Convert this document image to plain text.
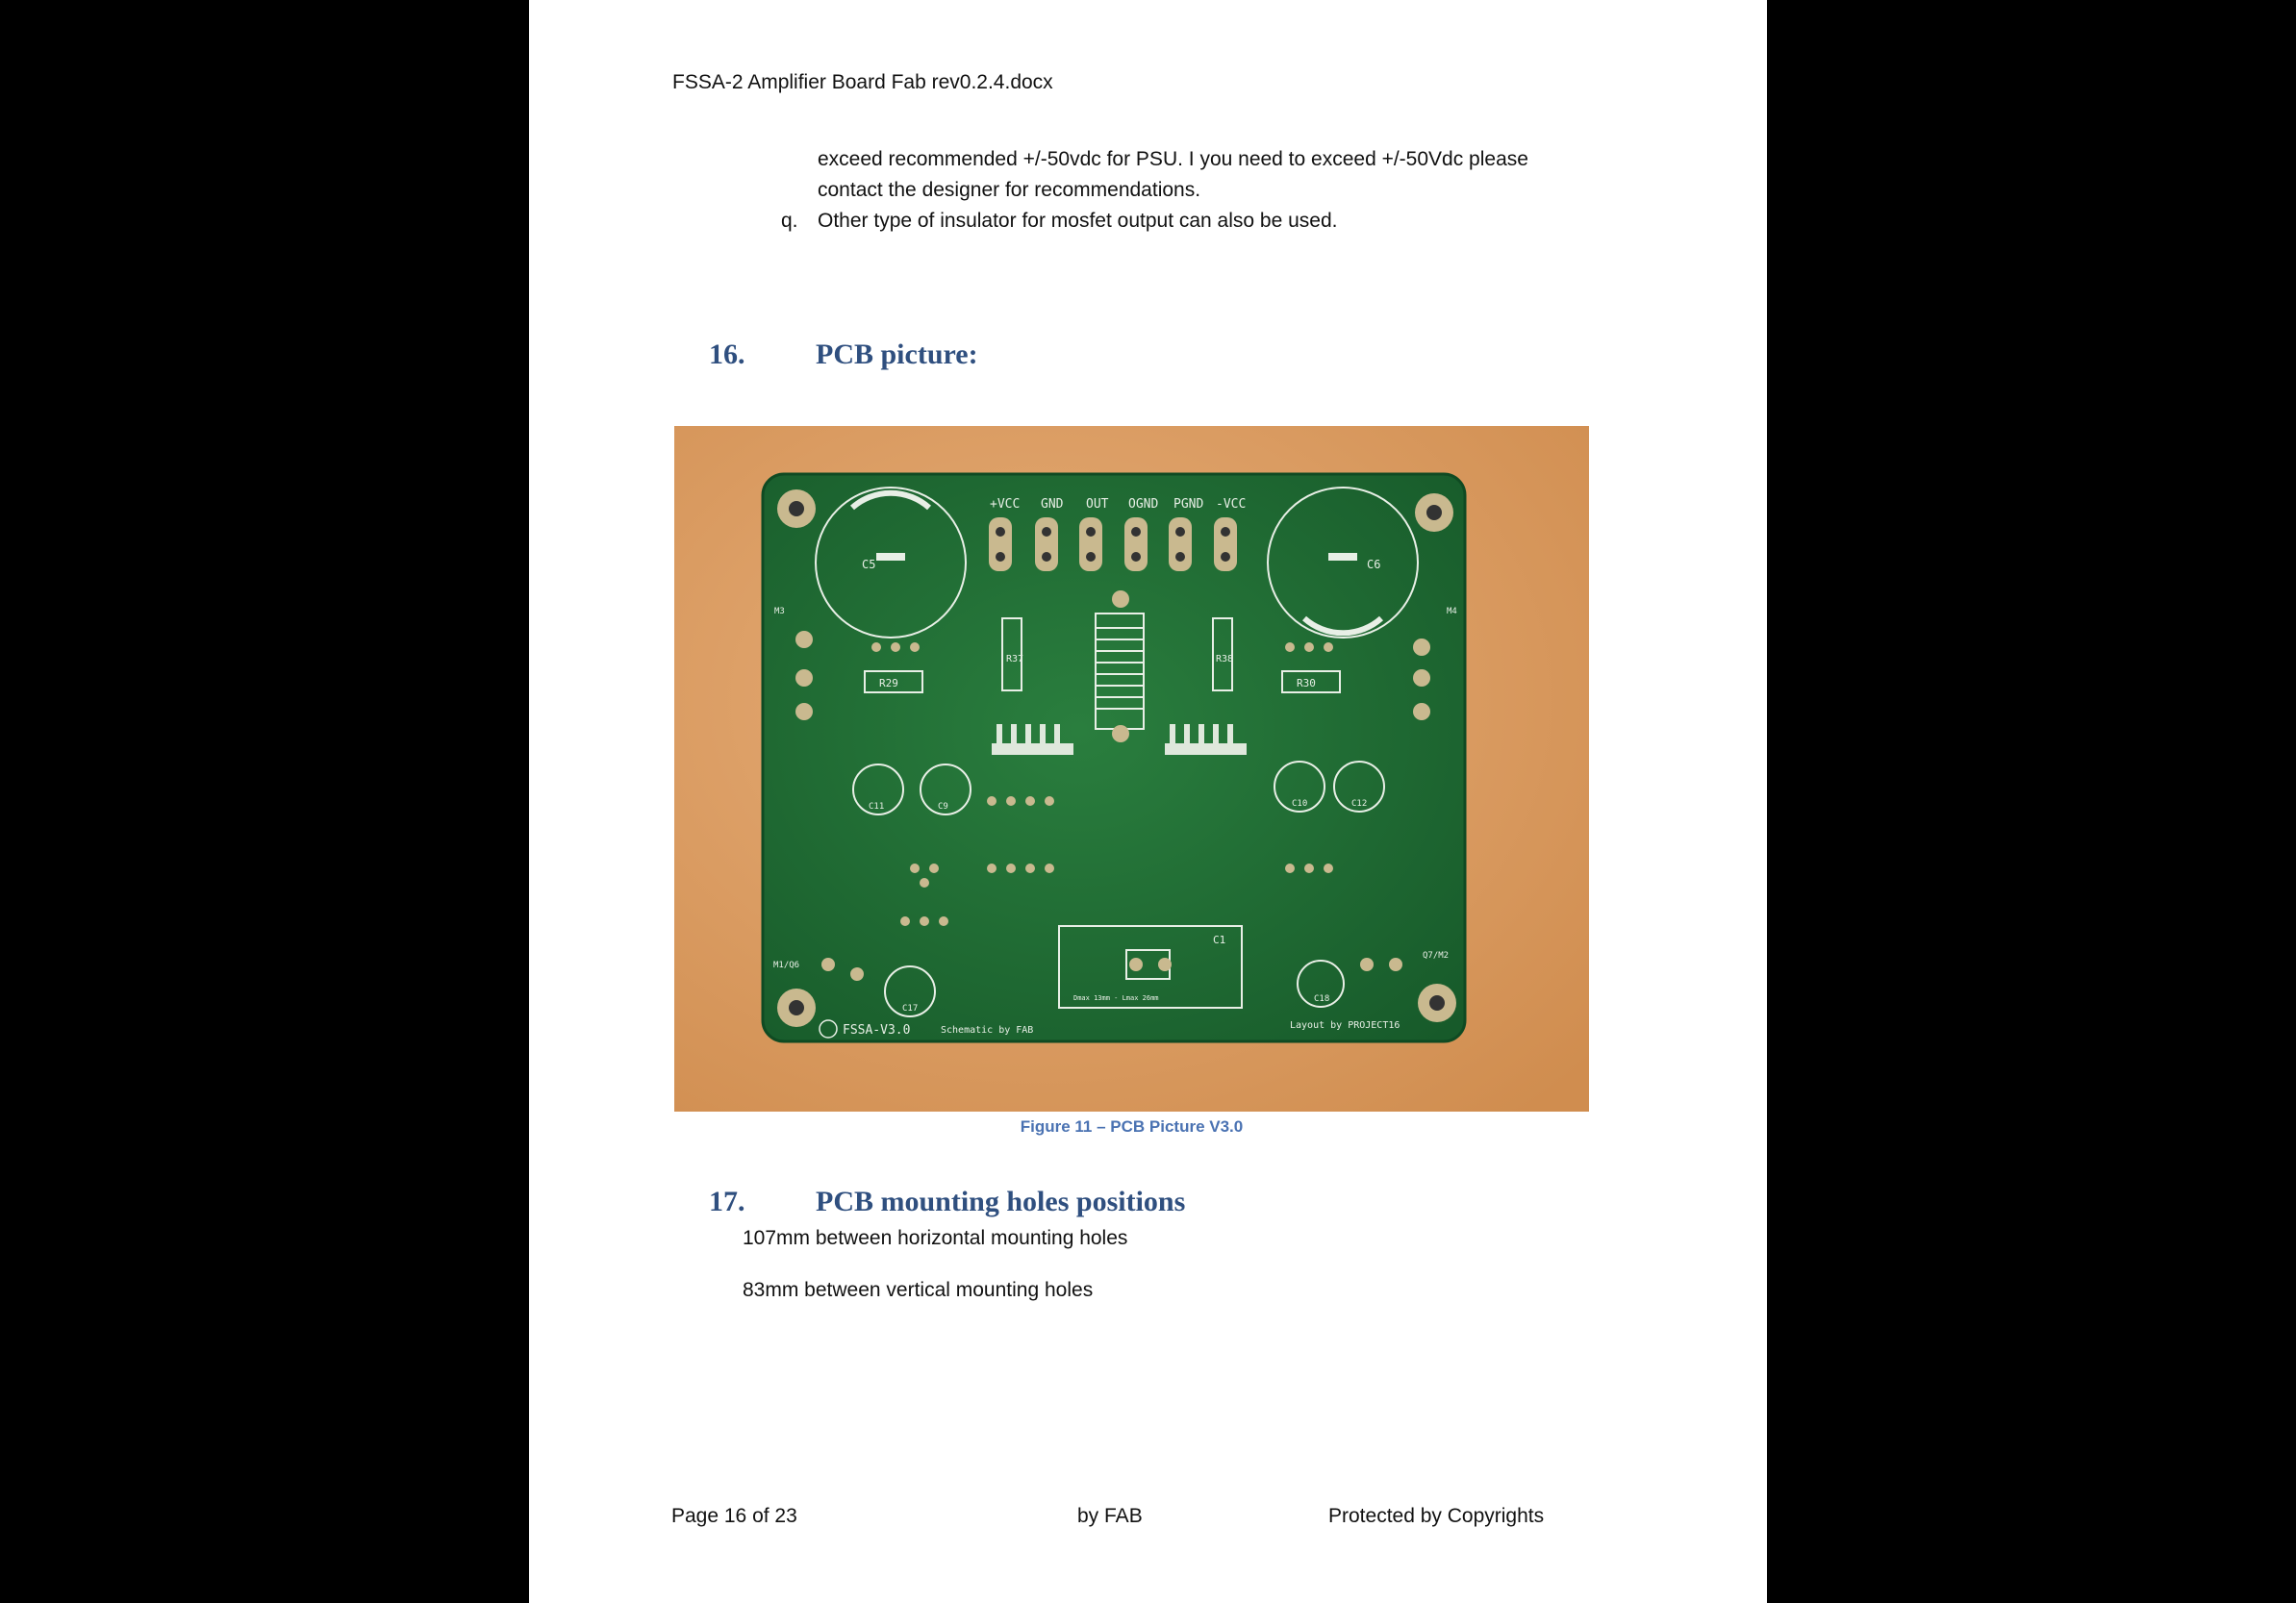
FSSA-2 Amplifier Board Fab rev0.2.4.docx
exceed recommended +/-50vdc for PSU. I you need to exceed +/-50Vdc please
contact the designer for recommendations.
q. Other type of insulator for mosfet output can also be used.
16. PCB picture:
C5	C6
+VCC GND OUT OGND PGND -VCC
R29	R30
R37	R38
C11	C9	C10	C12
C17
C18
C1
Dmax 13mm - Lmax 26mm
M3	M4
M1/Q6
Q7/M2
FSSA-V3.0	Schematic by FAB	Layout by PROJECT16
Figure 11 – PCB Picture V3.0
17. PCB mounting holes positions
107mm between horizontal mounting holes
83mm between vertical mounting holes
Page 16 of 23	by FAB	Protected by Copyrights
